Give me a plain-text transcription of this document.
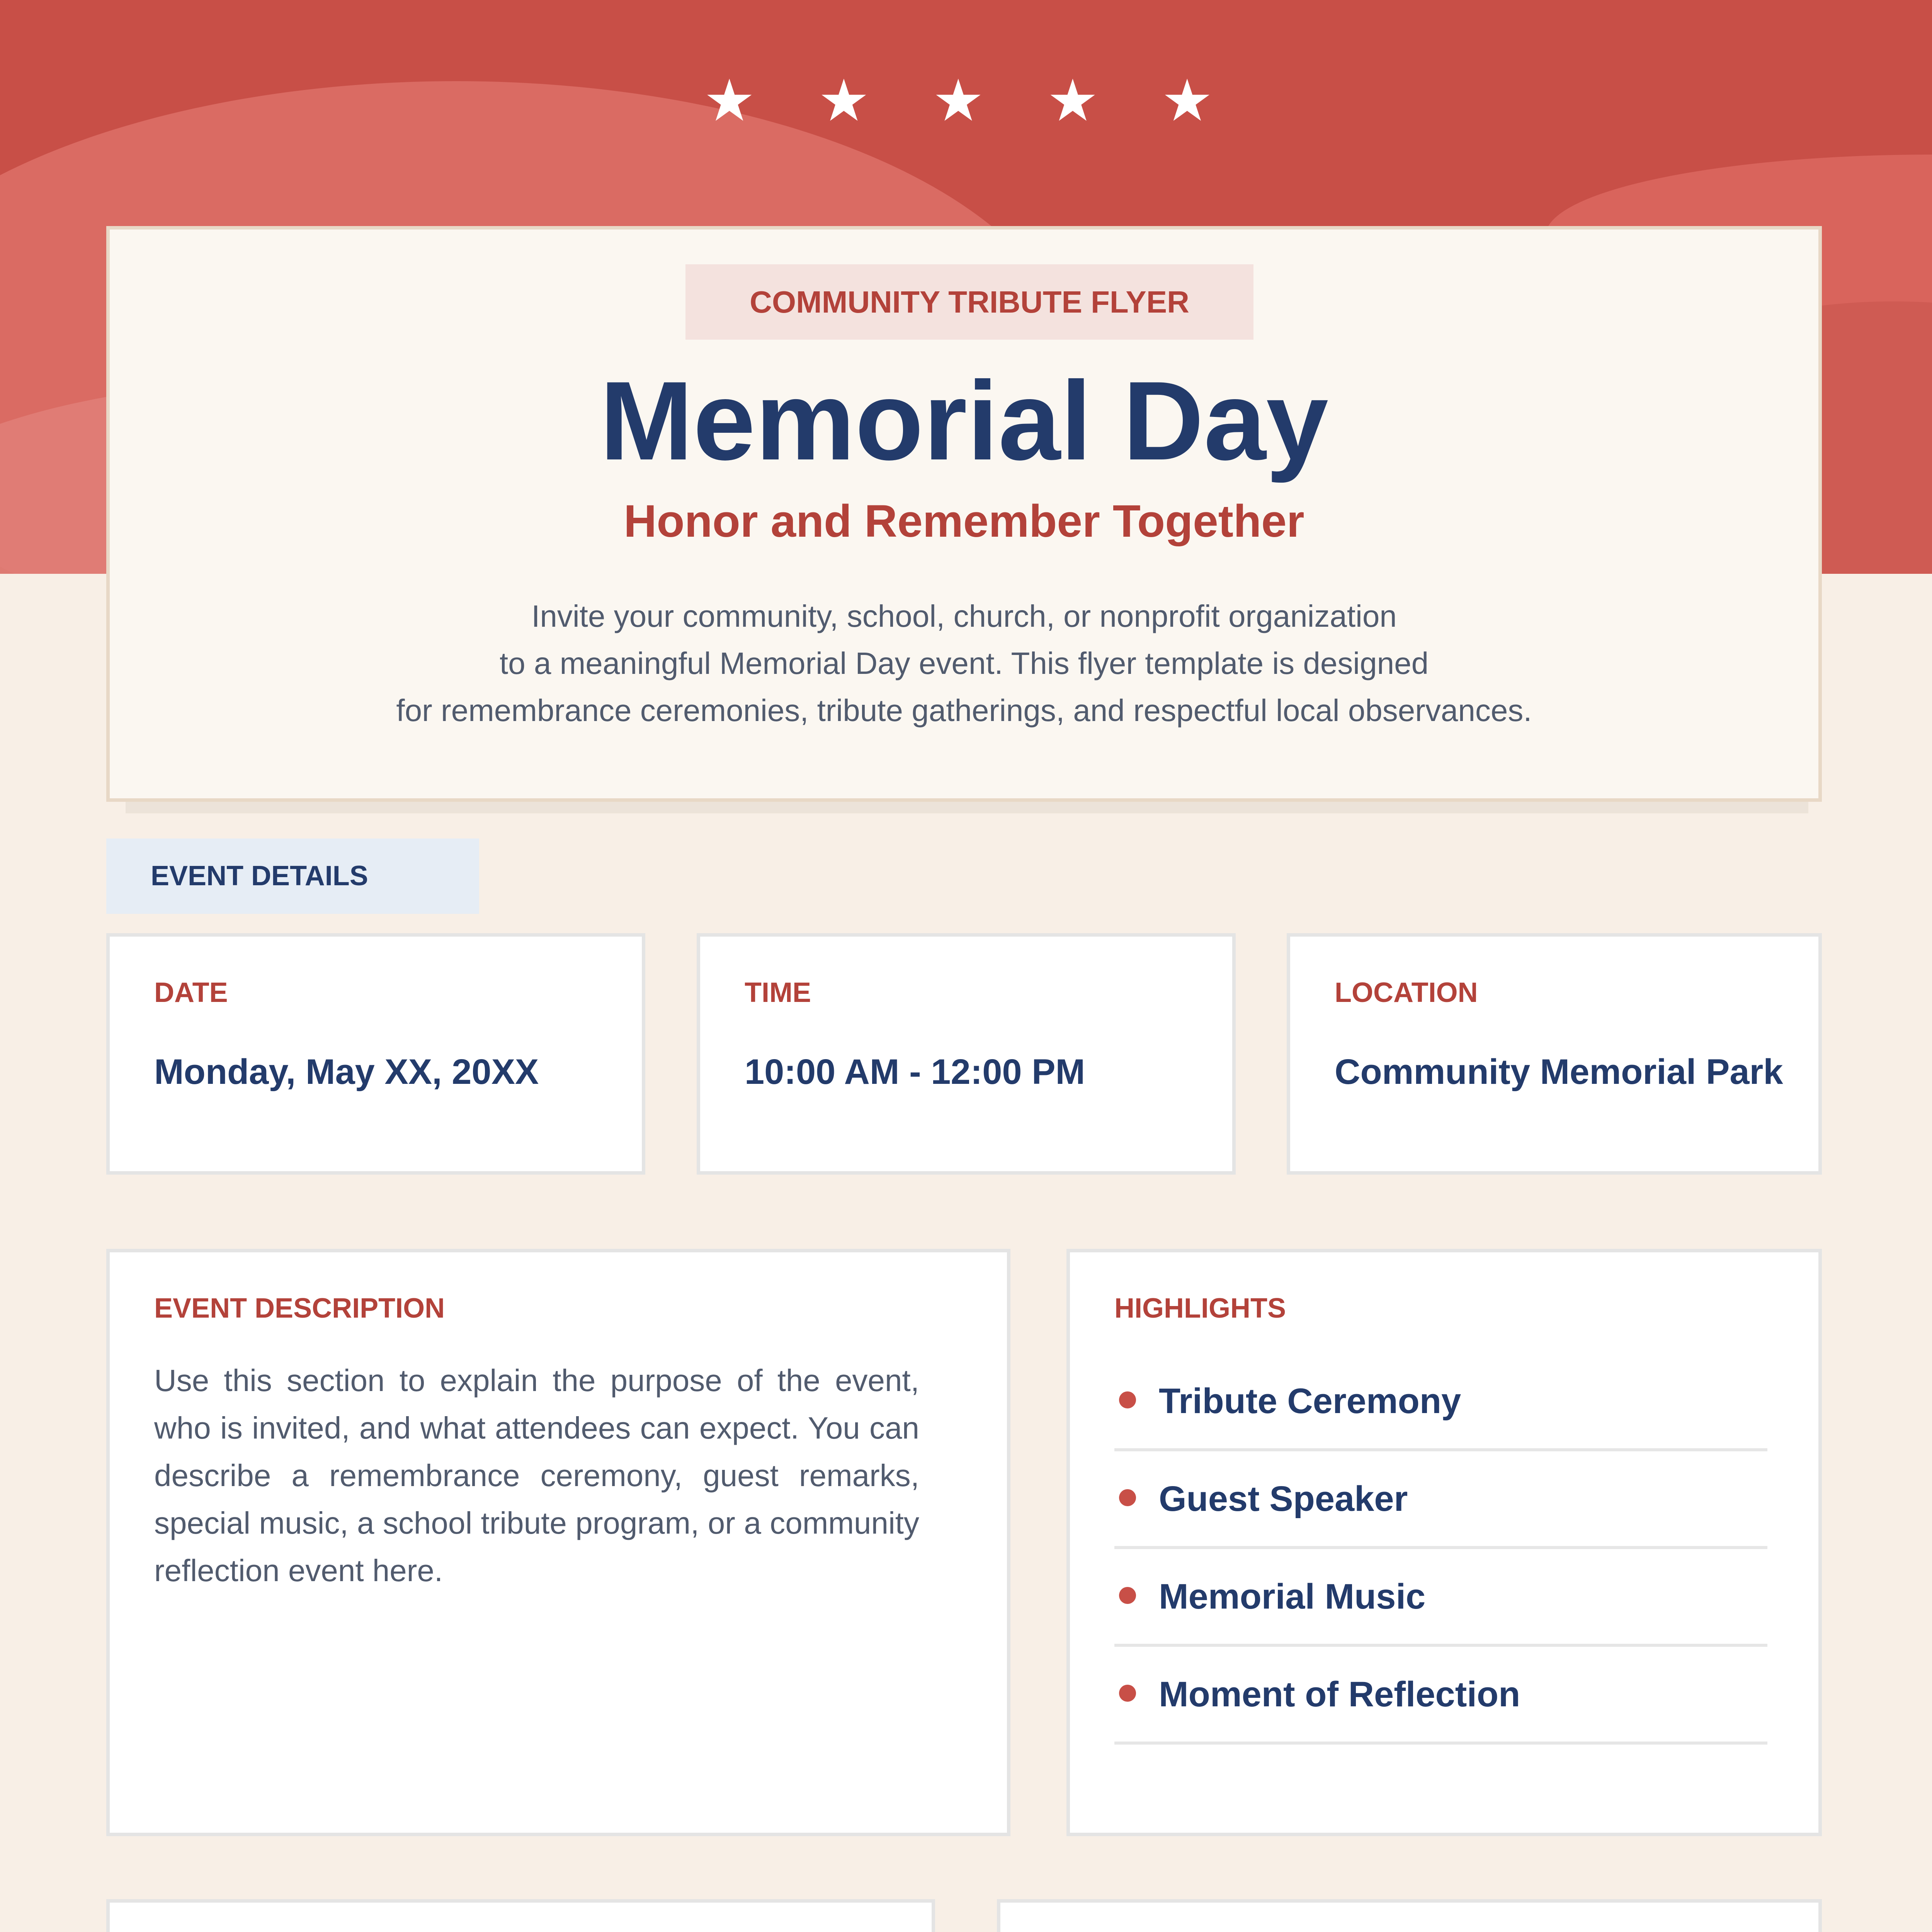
★ ★ ★ ★ ★
COMMUNITY TRIBUTE FLYER
Memorial Day
Honor and Remember Together
Invite your community, school, church, or nonprofit organization
to a meaningful Memorial Day event. This flyer template is designed
for remembrance ceremonies, tribute gatherings, and respectful local observances.
EVENT DETAILS
DATE
Monday, May XX, 20XX
TIME
10:00 AM - 12:00 PM
LOCATION
Community Memorial Park
EVENT DESCRIPTION
Use this section to explain the purpose of the event, who is invited, and what attendees can expect. You can describe a remembrance ceremony, guest remarks, special music, a school tribute program, or a community reflection event here.
HIGHLIGHTS
Tribute Ceremony
Guest Speaker
Memorial Music
Moment of Reflection
